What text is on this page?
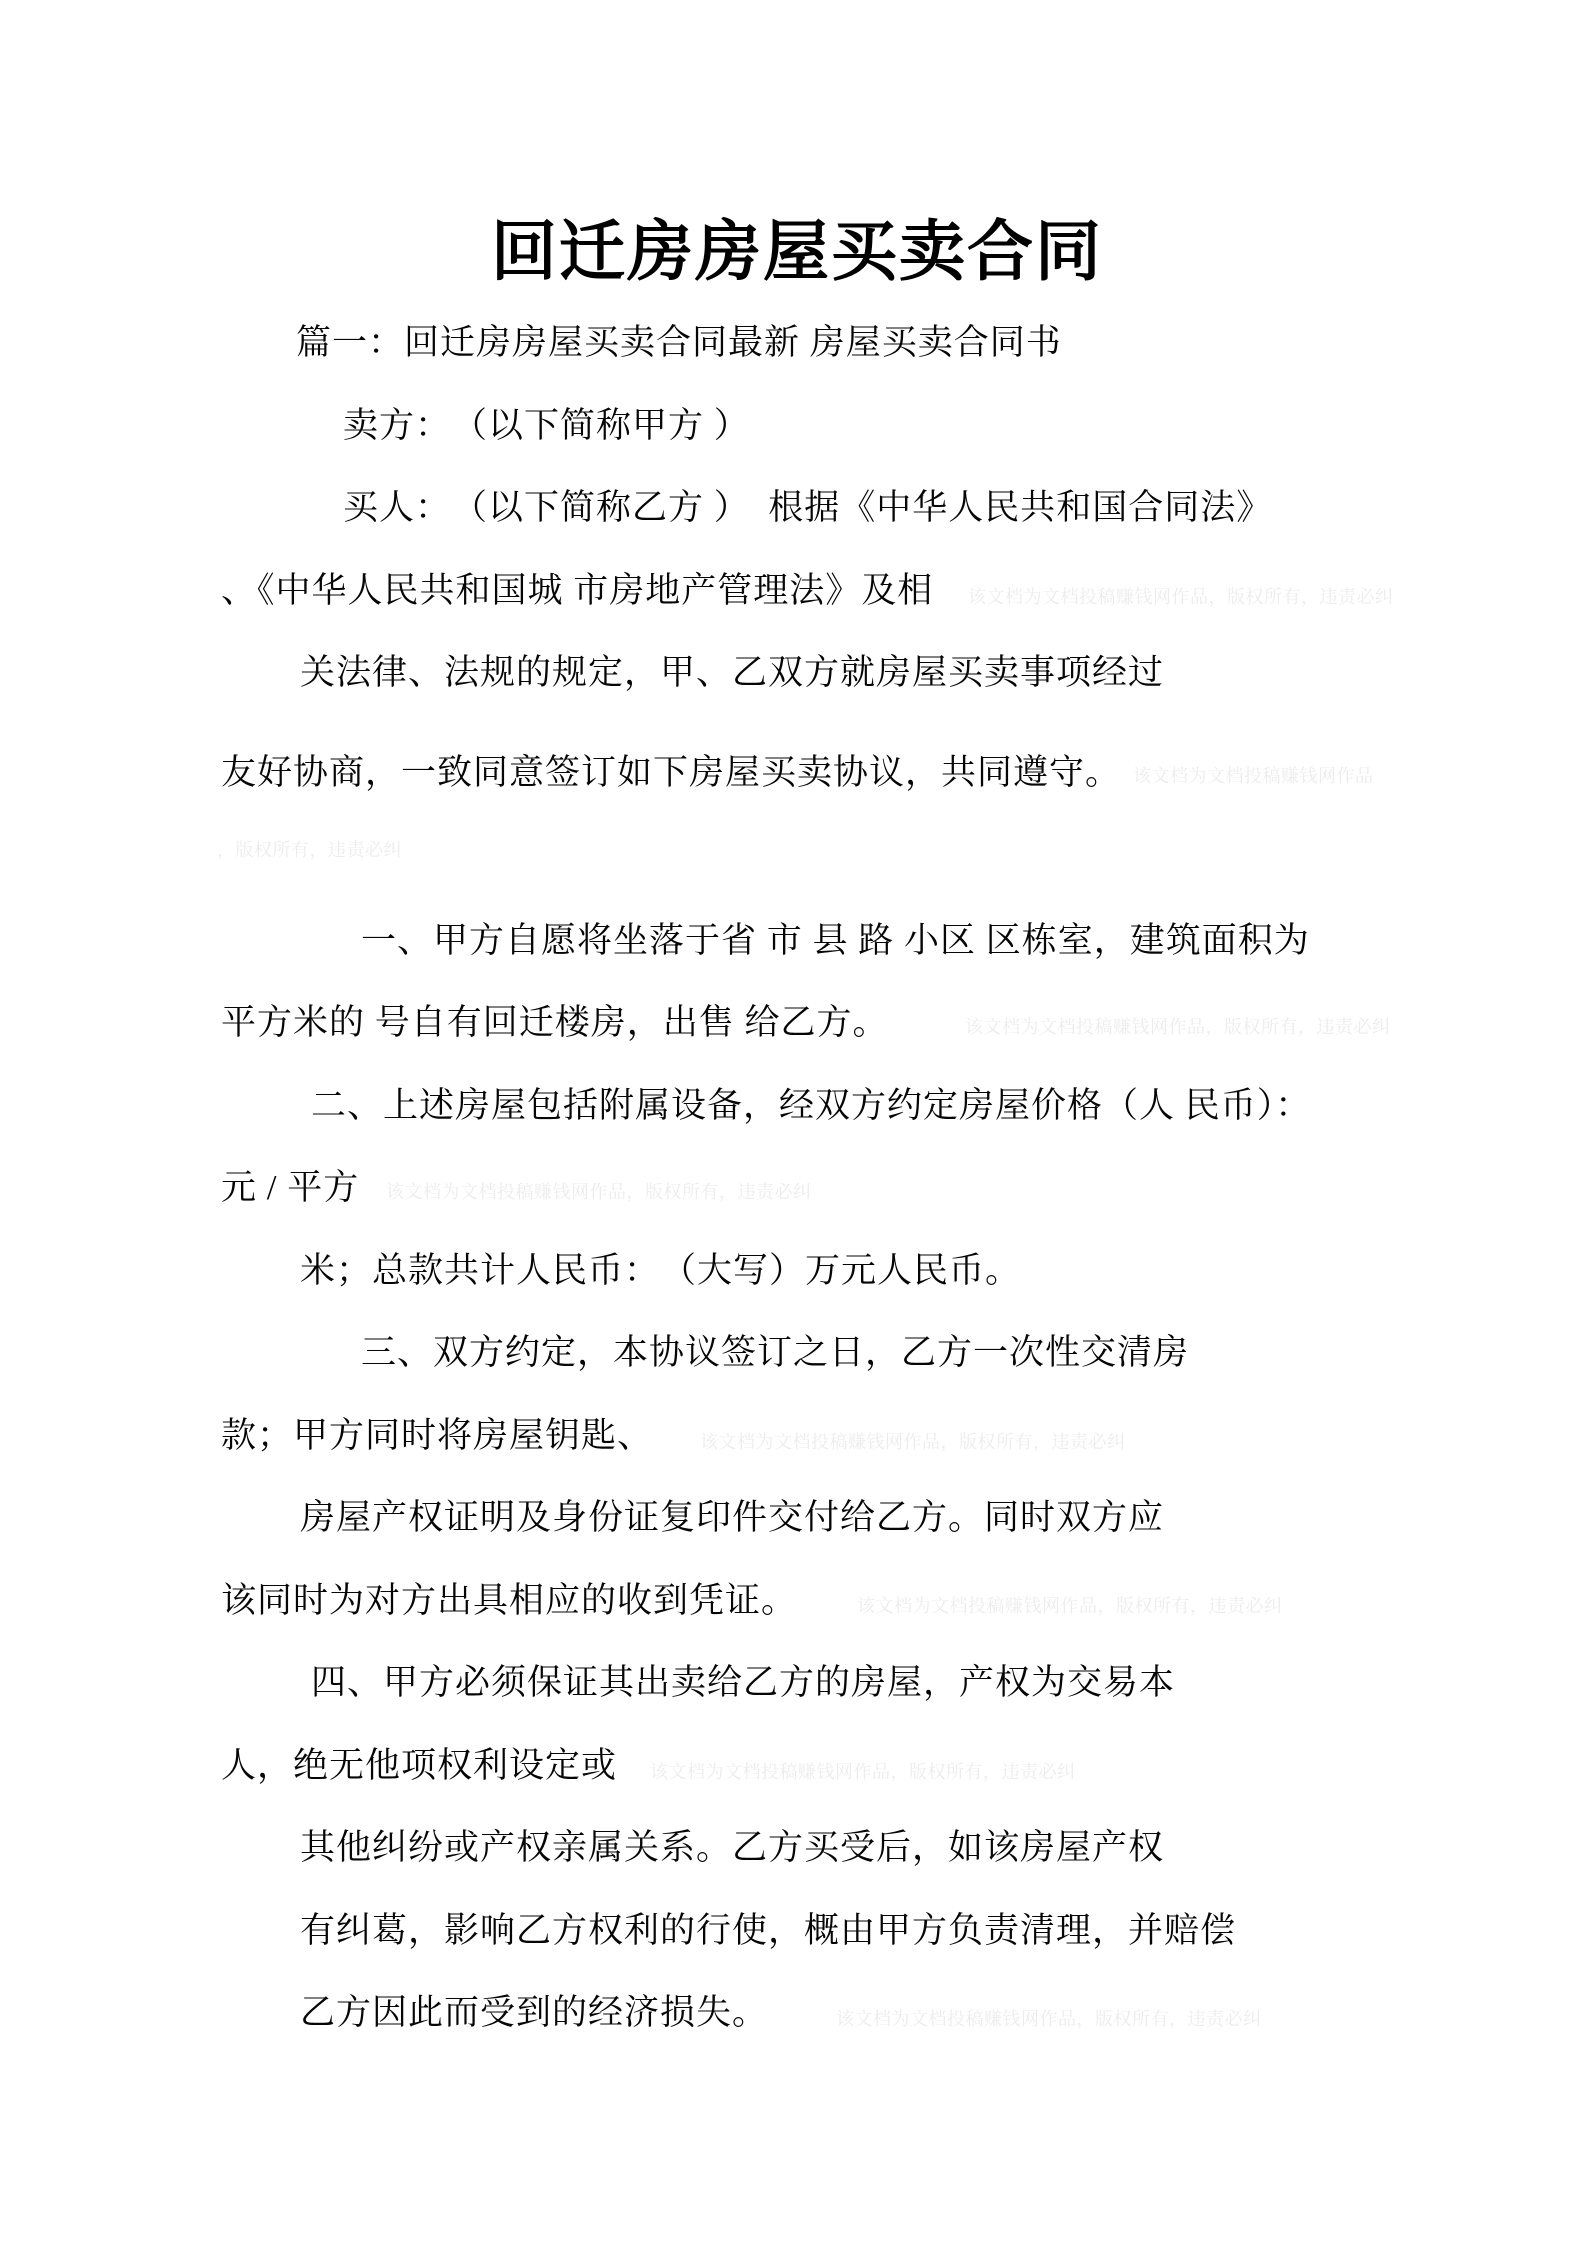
回迁房房屋买卖合同

篇一：回迁房房屋买卖合同最新 房屋买卖合同书

卖方：　（以下简称甲方 ）

买人：　（以下简称乙方 ）　根据《中华人民共和国合同法》

、《中华人民共和国城 市房地产管理法》及相

关法律、法规的规定，甲、乙双方就房屋买卖事项经过

友好协商，一致同意签订如下房屋买卖协议，共同遵守。

一、甲方自愿将坐落于省 市 县 路 小区 区栋室，建筑面积为

平方米的 号自有回迁楼房，出售 给乙方。

二、上述房屋包括附属设备，经双方约定房屋价格（人 民币）：

元 / 平方

米；总款共计人民币：　（大写）万元人民币。

三、双方约定，本协议签订之日，乙方一次性交清房

款；甲方同时将房屋钥匙、

房屋产权证明及身份证复印件交付给乙方。同时双方应

该同时为对方出具相应的收到凭证。

四、甲方必须保证其出卖给乙方的房屋，产权为交易本

人，绝无他项权利设定或

其他纠纷或产权亲属关系。乙方买受后，如该房屋产权

有纠葛，影响乙方权利的行使，概由甲方负责清理，并赔偿

乙方因此而受到的经济损失。

该文档为文档投稿赚钱网作品，版权所有，违责必纠
该文档为文档投稿赚钱网作品
，版权所有，违责必纠
该文档为文档投稿赚钱网作品，版权所有，违责必纠
该文档为文档投稿赚钱网作品，版权所有，违责必纠
该文档为文档投稿赚钱网作品，版权所有，违责必纠
该文档为文档投稿赚钱网作品，版权所有，违责必纠
该文档为文档投稿赚钱网作品，版权所有，违责必纠
该文档为文档投稿赚钱网作品，版权所有，违责必纠
